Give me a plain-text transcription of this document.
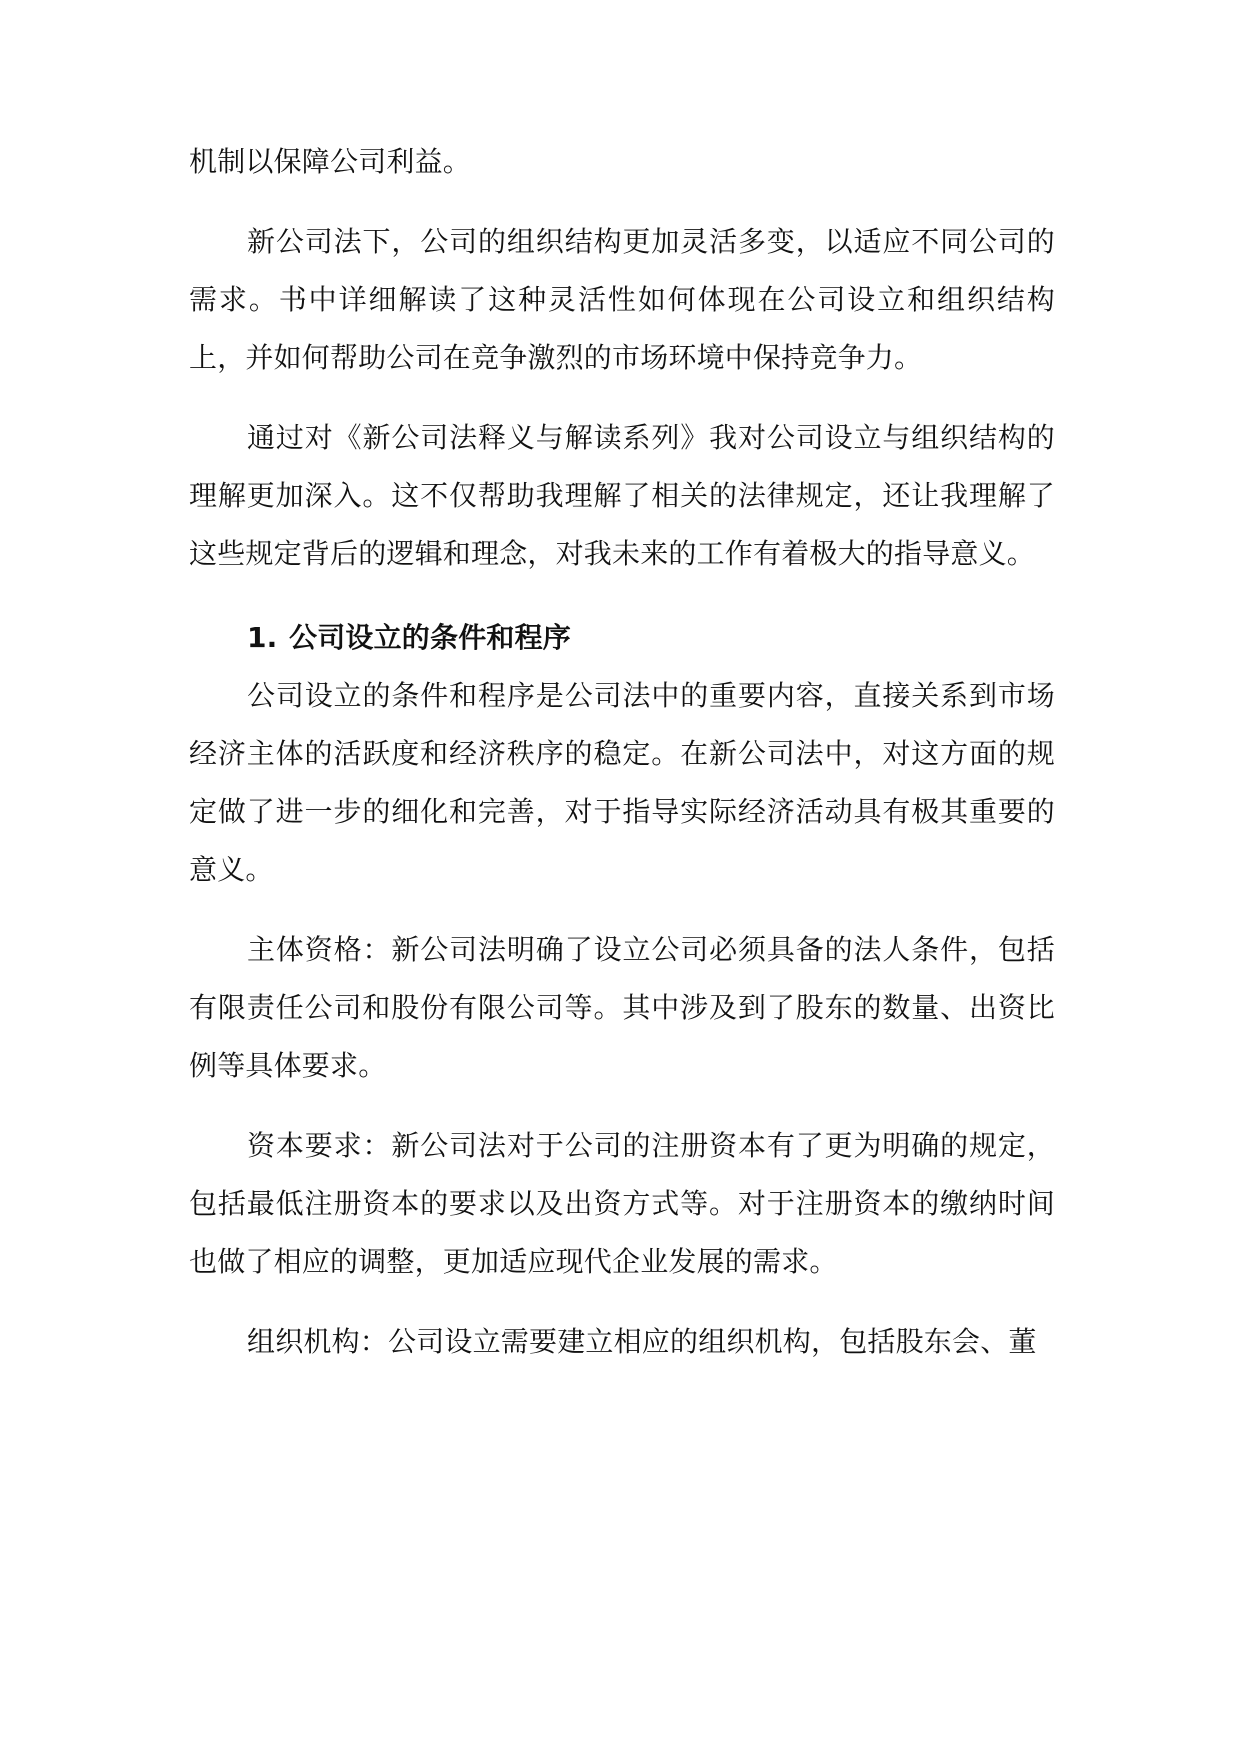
机制以保障公司利益。

新公司法下，公司的组织结构更加灵活多变，以适应不同公司的需求。书中详细解读了这种灵活性如何体现在公司设立和组织结构上，并如何帮助公司在竞争激烈的市场环境中保持竞争力。

通过对《新公司法释义与解读系列》我对公司设立与组织结构的理解更加深入。这不仅帮助我理解了相关的法律规定，还让我理解了这些规定背后的逻辑和理念，对我未来的工作有着极大的指导意义。

1. 公司设立的条件和程序

公司设立的条件和程序是公司法中的重要内容，直接关系到市场经济主体的活跃度和经济秩序的稳定。在新公司法中，对这方面的规定做了进一步的细化和完善，对于指导实际经济活动具有极其重要的意义。

主体资格：新公司法明确了设立公司必须具备的法人条件，包括有限责任公司和股份有限公司等。其中涉及到了股东的数量、出资比例等具体要求。

资本要求：新公司法对于公司的注册资本有了更为明确的规定，包括最低注册资本的要求以及出资方式等。对于注册资本的缴纳时间也做了相应的调整，更加适应现代企业发展的需求。

组织机构：公司设立需要建立相应的组织机构，包括股东会、董
